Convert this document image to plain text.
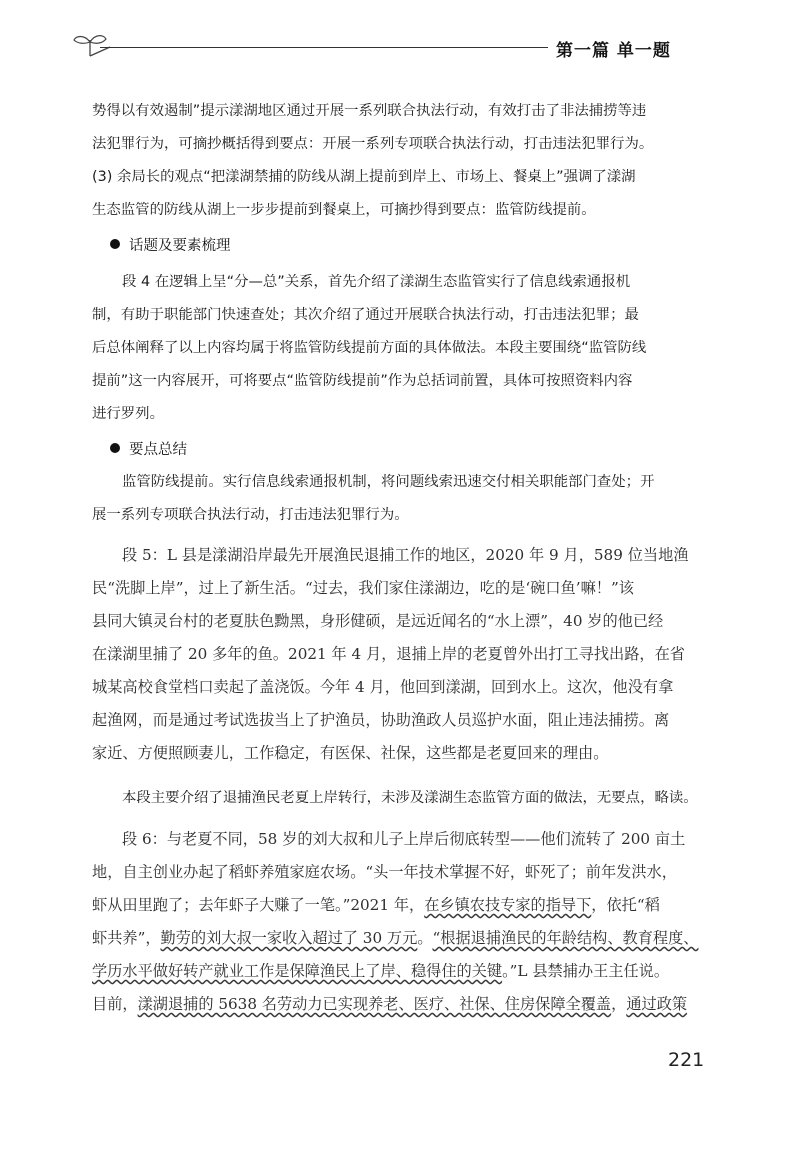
第一篇 单一题
势得以有效遏制”提示漾湖地区通过开展一系列联合执法行动，有效打击了非法捕捞等违
法犯罪行为，可摘抄概括得到要点：开展一系列专项联合执法行动，打击违法犯罪行为。
(3) 余局长的观点“把漾湖禁捕的防线从湖上提前到岸上、市场上、餐桌上”强调了漾湖
生态监管的防线从湖上一步步提前到餐桌上，可摘抄得到要点：监管防线提前。
话题及要素梳理
段 4 在逻辑上呈“分—总”关系，首先介绍了漾湖生态监管实行了信息线索通报机
制，有助于职能部门快速查处；其次介绍了通过开展联合执法行动，打击违法犯罪；最
后总体阐释了以上内容均属于将监管防线提前方面的具体做法。本段主要围绕“监管防线
提前”这一内容展开，可将要点“监管防线提前”作为总括词前置，具体可按照资料内容
进行罗列。
要点总结
监管防线提前。实行信息线索通报机制，将问题线索迅速交付相关职能部门查处；开
展一系列专项联合执法行动，打击违法犯罪行为。
段 5：L 县是漾湖沿岸最先开展渔民退捕工作的地区，2020 年 9 月，589 位当地渔
民“洗脚上岸”，过上了新生活。“过去，我们家住漾湖边，吃的是‘碗口鱼’嘛！”该
县同大镇灵台村的老夏肤色黝黑，身形健硕，是远近闻名的“水上漂”，40 岁的他已经
在漾湖里捕了 20 多年的鱼。2021 年 4 月，退捕上岸的老夏曾外出打工寻找出路，在省
城某高校食堂档口卖起了盖浇饭。今年 4 月，他回到漾湖，回到水上。这次，他没有拿
起渔网，而是通过考试选拔当上了护渔员，协助渔政人员巡护水面，阻止违法捕捞。离
家近、方便照顾妻儿，工作稳定，有医保、社保，这些都是老夏回来的理由。
本段主要介绍了退捕渔民老夏上岸转行，未涉及漾湖生态监管方面的做法，无要点，略读。
段 6：与老夏不同，58 岁的刘大叔和儿子上岸后彻底转型——他们流转了 200 亩土
地，自主创业办起了稻虾养殖家庭农场。“头一年技术掌握不好，虾死了；前年发洪水，
虾从田里跑了；去年虾子大赚了一笔。”2021 年，在乡镇农技专家的指导下，依托“稻
虾共养”，勤劳的刘大叔一家收入超过了 30 万元。“根据退捕渔民的年龄结构、教育程度、
学历水平做好转产就业工作是保障渔民上了岸、稳得住的关键。”L 县禁捕办王主任说。
目前，漾湖退捕的 5638 名劳动力已实现养老、医疗、社保、住房保障全覆盖，通过政策
221
